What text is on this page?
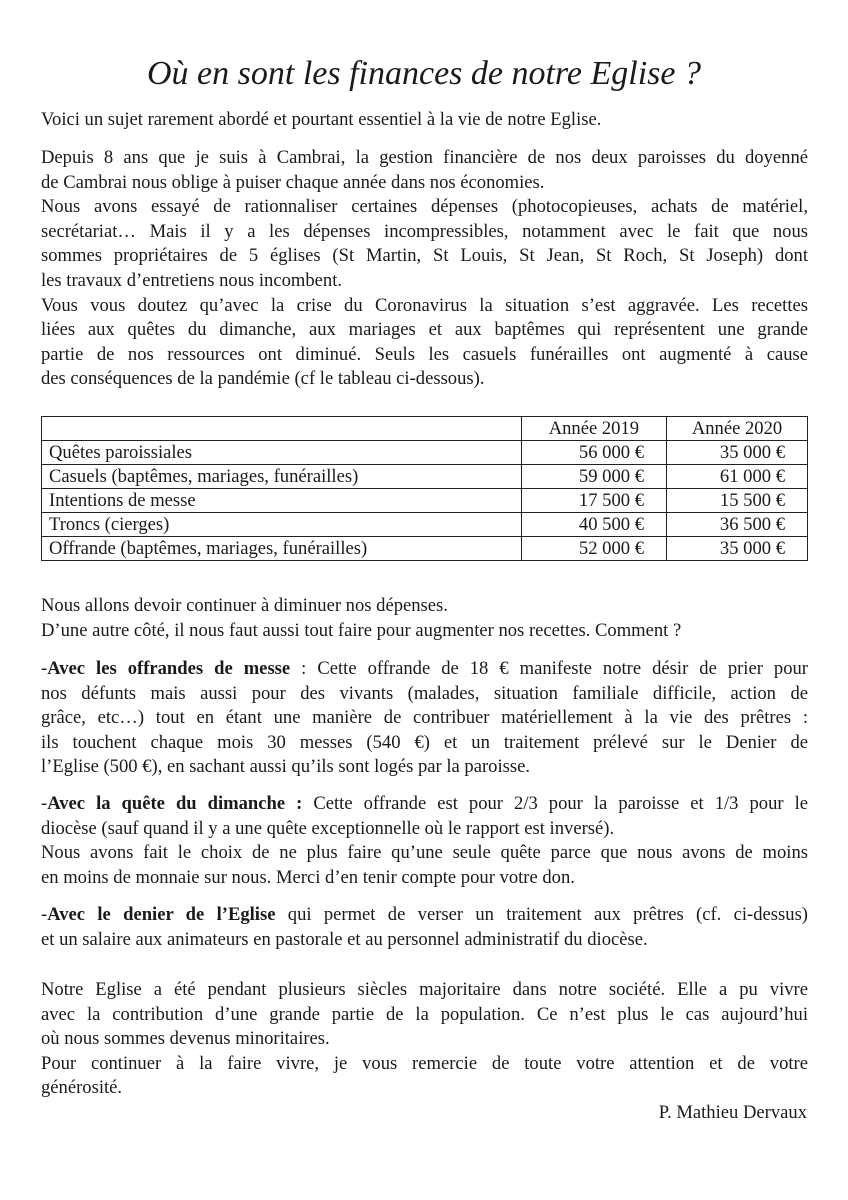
Où en sont les finances de notre Eglise ?

Voici un sujet rarement abordé et pourtant essentiel à la vie de notre Eglise.

Depuis 8 ans que je suis à Cambrai, la gestion financière de nos deux paroisses du doyenné
de Cambrai nous oblige à puiser chaque année dans nos économies.
Nous avons essayé de rationnaliser certaines dépenses (photocopieuses, achats de matériel,
secrétariat… Mais il y a les dépenses incompressibles, notamment avec le fait que nous
sommes propriétaires de 5 églises (St Martin, St Louis, St Jean, St Roch, St Joseph) dont
les travaux d’entretiens nous incombent.
Vous vous doutez qu’avec la crise du Coronavirus la situation s’est aggravée. Les recettes
liées aux quêtes du dimanche, aux mariages et aux baptêmes qui représentent une grande
partie de nos ressources ont diminué. Seuls les casuels funérailles ont augmenté à cause
des conséquences de la pandémie (cf le tableau ci-dessous).
	Année 2019	Année 2020
Quêtes paroissiales	56 000 €	35 000 €
Casuels (baptêmes, mariages, funérailles)	59 000 €	61 000 €
Intentions de messe	17 500 €	15 500 €
Troncs (cierges)	40 500 €	36 500 €
Offrande (baptêmes, mariages, funérailles)	52 000 €	35 000 €
Nous allons devoir continuer à diminuer nos dépenses.
D’une autre côté, il nous faut aussi tout faire pour augmenter nos recettes. Comment ?
-Avec les offrandes de messe : Cette offrande de 18 € manifeste notre désir de prier pour
nos défunts mais aussi pour des vivants (malades, situation familiale difficile, action de
grâce, etc…) tout en étant une manière de contribuer matériellement à la vie des prêtres :
ils touchent chaque mois 30 messes (540 €) et un traitement prélevé sur le Denier de
l’Eglise (500 €), en sachant aussi qu’ils sont logés par la paroisse.
-Avec la quête du dimanche : Cette offrande est pour 2/3 pour la paroisse et 1/3 pour le
diocèse (sauf quand il y a une quête exceptionnelle où le rapport est inversé).
Nous avons fait le choix de ne plus faire qu’une seule quête parce que nous avons de moins
en moins de monnaie sur nous. Merci d’en tenir compte pour votre don.
-Avec le denier de l’Eglise qui permet de verser un traitement aux prêtres (cf. ci-dessus)
et un salaire aux animateurs en pastorale et au personnel administratif du diocèse.
Notre Eglise a été pendant plusieurs siècles majoritaire dans notre société. Elle a pu vivre
avec la contribution d’une grande partie de la population. Ce n’est plus le cas aujourd’hui
où nous sommes devenus minoritaires.
Pour continuer à la faire vivre, je vous remercie de toute votre attention et de votre
générosité.
P. Mathieu Dervaux
